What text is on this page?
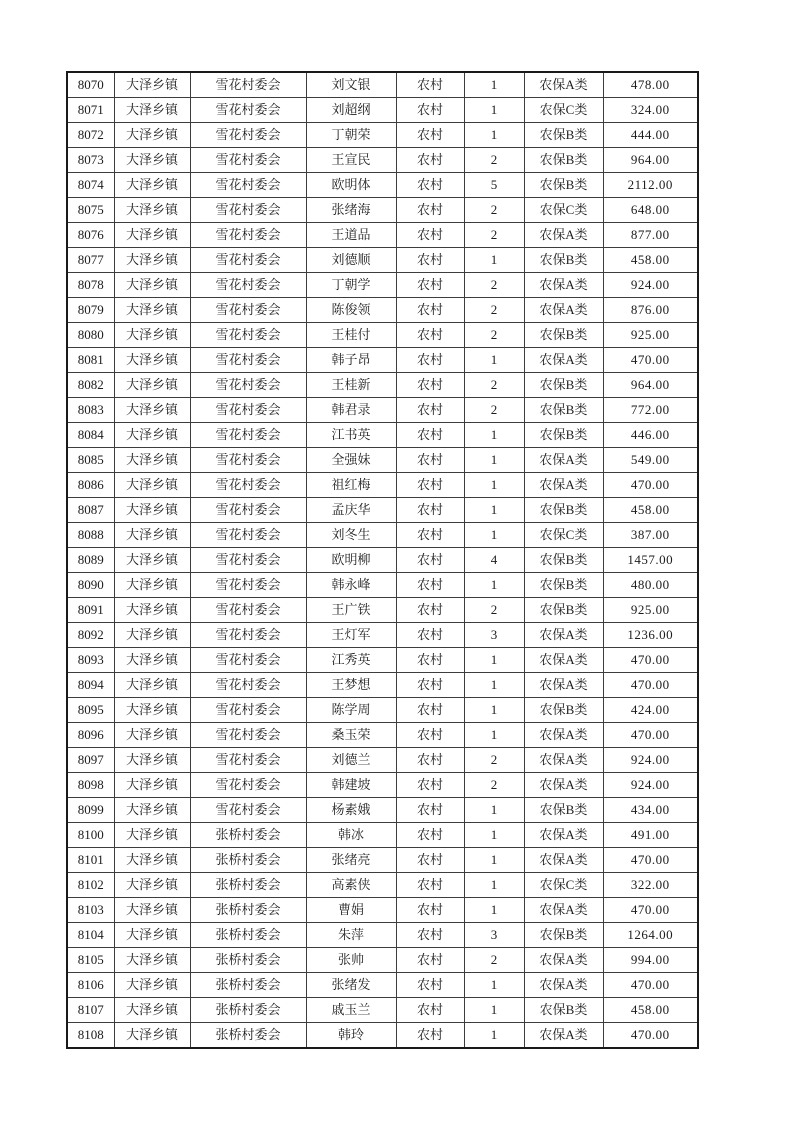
8070	大泽乡镇	雪花村委会	刘文银	农村	1	农保A类	478.00
8071	大泽乡镇	雪花村委会	刘超纲	农村	1	农保C类	324.00
8072	大泽乡镇	雪花村委会	丁朝荣	农村	1	农保B类	444.00
8073	大泽乡镇	雪花村委会	王宣民	农村	2	农保B类	964.00
8074	大泽乡镇	雪花村委会	欧明体	农村	5	农保B类	2112.00
8075	大泽乡镇	雪花村委会	张绪海	农村	2	农保C类	648.00
8076	大泽乡镇	雪花村委会	王道品	农村	2	农保A类	877.00
8077	大泽乡镇	雪花村委会	刘德顺	农村	1	农保B类	458.00
8078	大泽乡镇	雪花村委会	丁朝学	农村	2	农保A类	924.00
8079	大泽乡镇	雪花村委会	陈俊领	农村	2	农保A类	876.00
8080	大泽乡镇	雪花村委会	王桂付	农村	2	农保B类	925.00
8081	大泽乡镇	雪花村委会	韩子昂	农村	1	农保A类	470.00
8082	大泽乡镇	雪花村委会	王桂新	农村	2	农保B类	964.00
8083	大泽乡镇	雪花村委会	韩君录	农村	2	农保B类	772.00
8084	大泽乡镇	雪花村委会	江书英	农村	1	农保B类	446.00
8085	大泽乡镇	雪花村委会	全强妹	农村	1	农保A类	549.00
8086	大泽乡镇	雪花村委会	祖红梅	农村	1	农保A类	470.00
8087	大泽乡镇	雪花村委会	孟庆华	农村	1	农保B类	458.00
8088	大泽乡镇	雪花村委会	刘冬生	农村	1	农保C类	387.00
8089	大泽乡镇	雪花村委会	欧明柳	农村	4	农保B类	1457.00
8090	大泽乡镇	雪花村委会	韩永峰	农村	1	农保B类	480.00
8091	大泽乡镇	雪花村委会	王广铁	农村	2	农保B类	925.00
8092	大泽乡镇	雪花村委会	王灯军	农村	3	农保A类	1236.00
8093	大泽乡镇	雪花村委会	江秀英	农村	1	农保A类	470.00
8094	大泽乡镇	雪花村委会	王梦想	农村	1	农保A类	470.00
8095	大泽乡镇	雪花村委会	陈学周	农村	1	农保B类	424.00
8096	大泽乡镇	雪花村委会	桑玉荣	农村	1	农保A类	470.00
8097	大泽乡镇	雪花村委会	刘德兰	农村	2	农保A类	924.00
8098	大泽乡镇	雪花村委会	韩建坡	农村	2	农保A类	924.00
8099	大泽乡镇	雪花村委会	杨素娥	农村	1	农保B类	434.00
8100	大泽乡镇	张桥村委会	韩冰	农村	1	农保A类	491.00
8101	大泽乡镇	张桥村委会	张绪亮	农村	1	农保A类	470.00
8102	大泽乡镇	张桥村委会	高素侠	农村	1	农保C类	322.00
8103	大泽乡镇	张桥村委会	曹娟	农村	1	农保A类	470.00
8104	大泽乡镇	张桥村委会	朱萍	农村	3	农保B类	1264.00
8105	大泽乡镇	张桥村委会	张帅	农村	2	农保A类	994.00
8106	大泽乡镇	张桥村委会	张绪发	农村	1	农保A类	470.00
8107	大泽乡镇	张桥村委会	戚玉兰	农村	1	农保B类	458.00
8108	大泽乡镇	张桥村委会	韩玲	农村	1	农保A类	470.00
